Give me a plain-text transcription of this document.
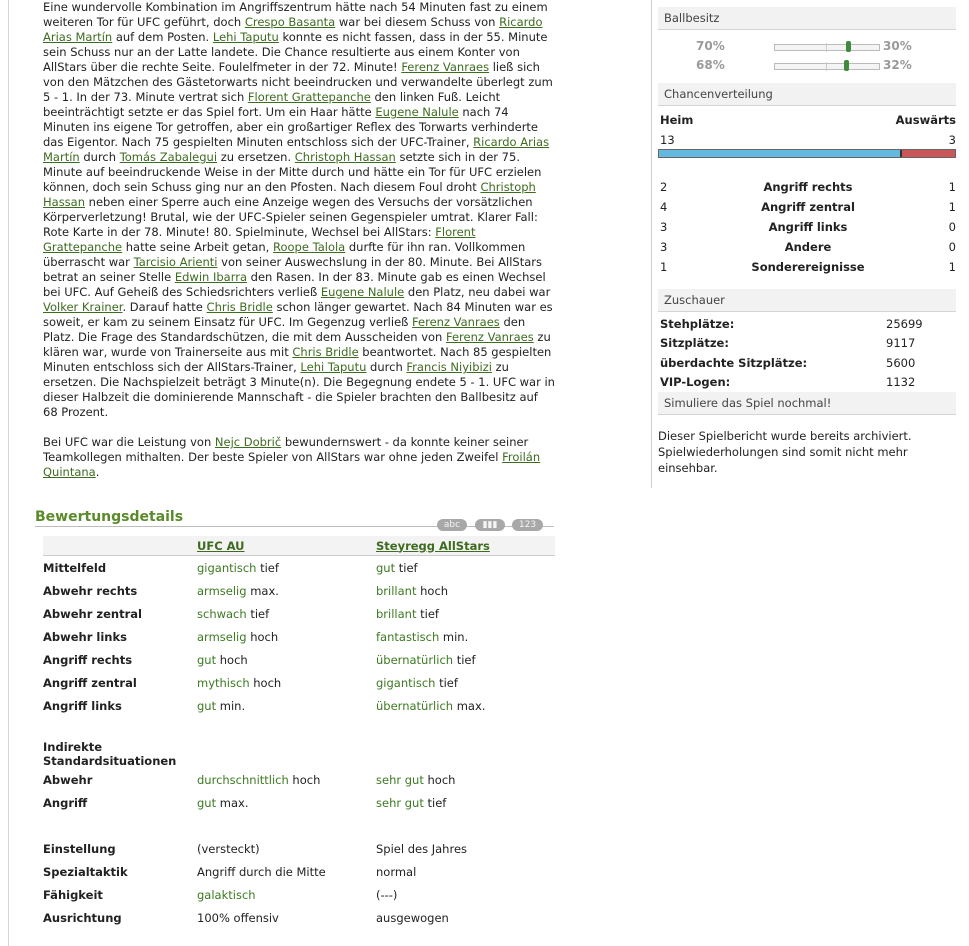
Eine wundervolle Kombination im Angriffszentrum hätte nach 54 Minuten fast zu einem weiteren Tor für UFC geführt, doch Crespo Basanta war bei diesem Schuss von Ricardo Arias Martín auf dem Posten. Lehi Taputu konnte es nicht fassen, dass in der 55. Minute sein Schuss nur an der Latte landete. Die Chance resultierte aus einem Konter von AllStars über die rechte Seite. Foulelfmeter in der 72. Minute! Ferenz Vanraes ließ sich von den Mätzchen des Gästetorwarts nicht beeindrucken und verwandelte überlegt zum 5 - 1. In der 73. Minute vertrat sich Florent Grattepanche den linken Fuß. Leicht beeinträchtigt setzte er das Spiel fort. Um ein Haar hätte Eugene Nalule nach 74 Minuten ins eigene Tor getroffen, aber ein großartiger Reflex des Torwarts verhinderte das Eigentor. Nach 75 gespielten Minuten entschloss sich der UFC-Trainer, Ricardo Arias Martín durch Tomás Zabalegui zu ersetzen. Christoph Hassan setzte sich in der 75. Minute auf beeindruckende Weise in der Mitte durch und hätte ein Tor für UFC erzielen können, doch sein Schuss ging nur an den Pfosten. Nach diesem Foul droht Christoph Hassan neben einer Sperre auch eine Anzeige wegen des Versuchs der vorsätzlichen Körperverletzung! Brutal, wie der UFC-Spieler seinen Gegenspieler umtrat. Klarer Fall: Rote Karte in der 78. Minute! 80. Spielminute, Wechsel bei AllStars: Florent Grattepanche hatte seine Arbeit getan, Roope Talola durfte für ihn ran. Vollkommen überrascht war Tarcisio Arienti von seiner Auswechslung in der 80. Minute. Bei AllStars betrat an seiner Stelle Edwin Ibarra den Rasen. In der 83. Minute gab es einen Wechsel bei UFC. Auf Geheiß des Schiedsrichters verließ Eugene Nalule den Platz, neu dabei war Volker Krainer. Darauf hatte Chris Bridle schon länger gewartet. Nach 84 Minuten war es soweit, er kam zu seinem Einsatz für UFC. Im Gegenzug verließ Ferenz Vanraes den Platz. Die Frage des Standardschützen, die mit dem Ausscheiden von Ferenz Vanraes zu klären war, wurde von Trainerseite aus mit Chris Bridle beantwortet. Nach 85 gespielten Minuten entschloss sich der AllStars-Trainer, Lehi Taputu durch Francis Niyibizi zu ersetzen. Die Nachspielzeit beträgt 3 Minute(n). Die Begegnung endete 5 - 1. UFC war in dieser Halbzeit die dominierende Mannschaft - die Spieler brachten den Ballbesitz auf 68 Prozent.

Bei UFC war die Leistung von Nejc Dobrič bewundernswert - da konnte keiner seiner Teamkollegen mithalten. Der beste Spieler von AllStars war ohne jeden Zweifel Froilán Quintana.

Ballbesitz
70%	30%
68%	32%
Chancenverteilung
Heim	Auswärts
13	3
2	Angriff rechts	1
4	Angriff zentral	1
3	Angriff links	0
3	Andere	0
1	Sonderereignisse	1
Zuschauer
Stehplätze:	25699
Sitzplätze:	9117
überdachte Sitzplätze:	5600
VIP-Logen:	1132
Simuliere das Spiel nochmal!
Dieser Spielbericht wurde bereits archiviert. Spielwiederholungen sind somit nicht mehr einsehbar.
Bewertungsdetails	abc	▮▮▮	123
	UFC AU	Steyregg AllStars
Mittelfeld	gigantisch tief	gut tief
Abwehr rechts	armselig max.	brillant hoch
Abwehr zentral	schwach tief	brillant tief
Abwehr links	armselig hoch	fantastisch min.
Angriff rechts	gut hoch	übernatürlich tief
Angriff zentral	mythisch hoch	gigantisch tief
Angriff links	gut min.	übernatürlich max.

Indirekte Standardsituationen		
Abwehr	durchschnittlich hoch	sehr gut hoch
Angriff	gut max.	sehr gut tief

Einstellung	(versteckt)	Spiel des Jahres
Spezialtaktik	Angriff durch die Mitte	normal
Fähigkeit	galaktisch	(---)
Ausrichtung	100% offensiv	ausgewogen
